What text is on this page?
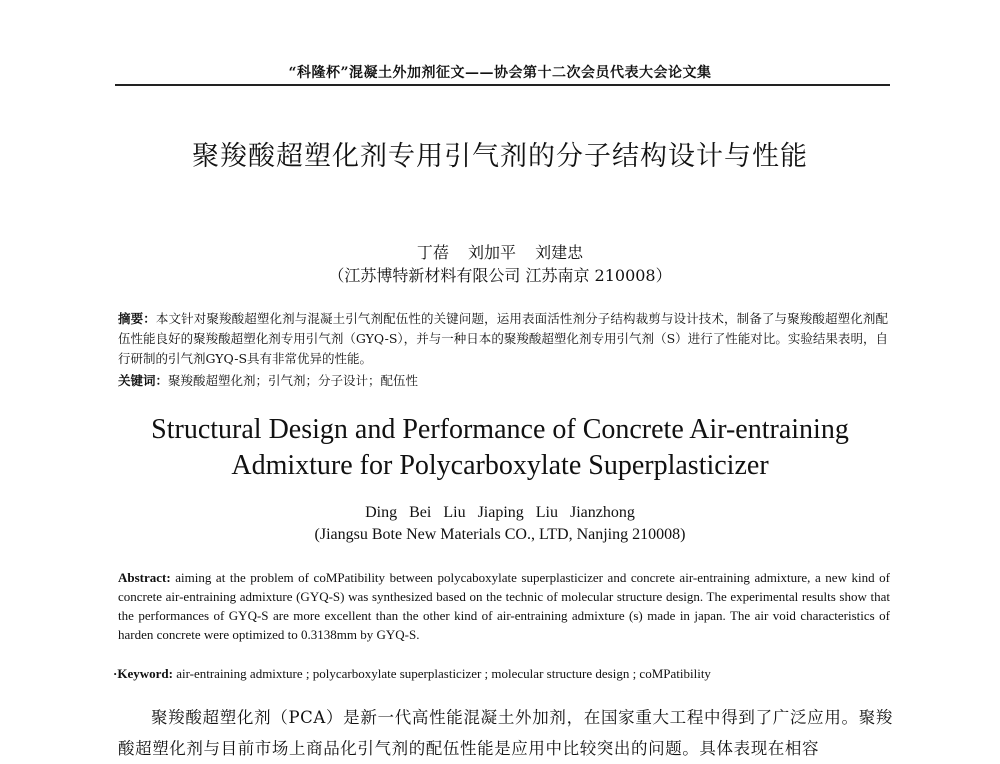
“科隆杯”混凝土外加剂征文——协会第十二次会员代表大会论文集
聚羧酸超塑化剂专用引气剂的分子结构设计与性能
丁蓓 刘加平 刘建忠
（江苏博特新材料有限公司 江苏南京 210008）
摘要：本文针对聚羧酸超塑化剂与混凝土引气剂配伍性的关键问题，运用表面活性剂分子结构裁剪与设计技术，制备了与聚羧酸超塑化剂配伍性能良好的聚羧酸超塑化剂专用引气剂（GYQ-S），并与一种日本的聚羧酸超塑化剂专用引气剂（S）进行了性能对比。实验结果表明，自行研制的引气剂GYQ-S具有非常优异的性能。
关键词：聚羧酸超塑化剂；引气剂；分子设计；配伍性
Structural Design and Performance of Concrete Air-entraining
Admixture for Polycarboxylate Superplasticizer
Ding Bei Liu Jiaping Liu Jianzhong
(Jiangsu Bote New Materials CO., LTD, Nanjing 210008)
Abstract: aiming at the problem of coMPatibility between polycaboxylate superplasticizer and concrete air-entraining admixture, a new kind of concrete air-entraining admixture (GYQ-S) was synthesized based on the technic of molecular structure design. The experimental results show that the performances of GYQ-S are more excellent than the other kind of air-entraining admixture (s) made in japan. The air void characteristics of harden concrete were optimized to 0.3138mm by GYQ-S.
·Keyword: air-entraining admixture ; polycarboxylate superplasticizer ; molecular structure design ; coMPatibility
聚羧酸超塑化剂（PCA）是新一代高性能混凝土外加剂，在国家重大工程中得到了广泛应用。聚羧酸超塑化剂与目前市场上商品化引气剂的配伍性能是应用中比较突出的问题。具体表现在相容
